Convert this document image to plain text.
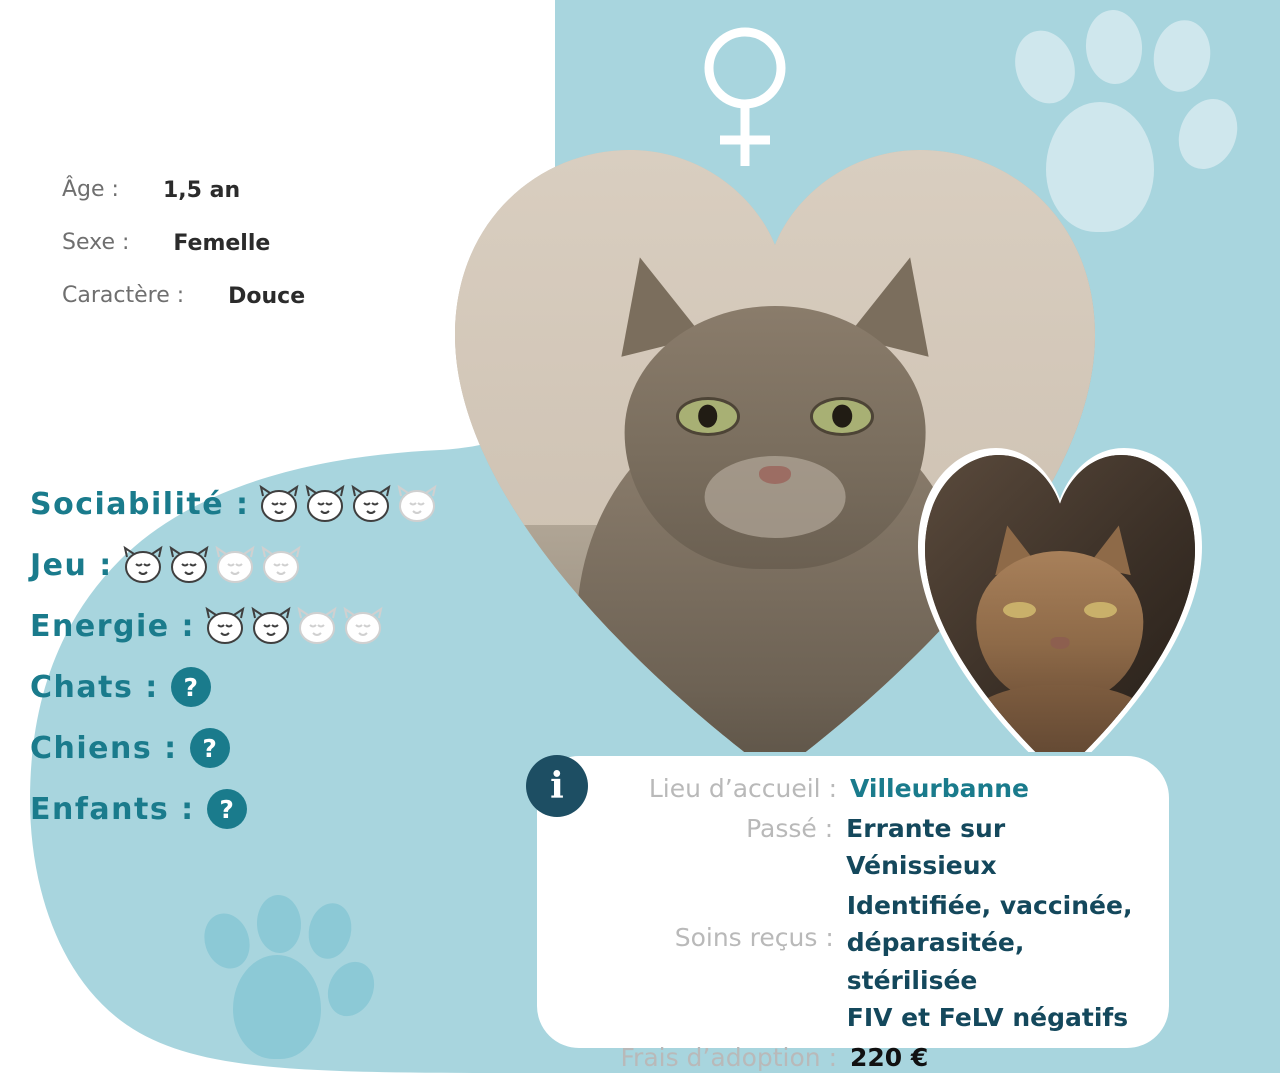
Olive
Âge :	1,5 an
Sexe :	Femelle
Caractère :	Douce
Sociabilité :
Jeu :
Energie :
Chats : ?
Chiens : ?
Enfants : ?
i	Lieu d’accueil : Villeurbanne
Passé : Errante sur Vénissieux
Soins reçus :
Identifiée, vaccinée,
déparasitée, stérilisée
FIV et FeLV négatifs
Frais d’adoption : 220 €
